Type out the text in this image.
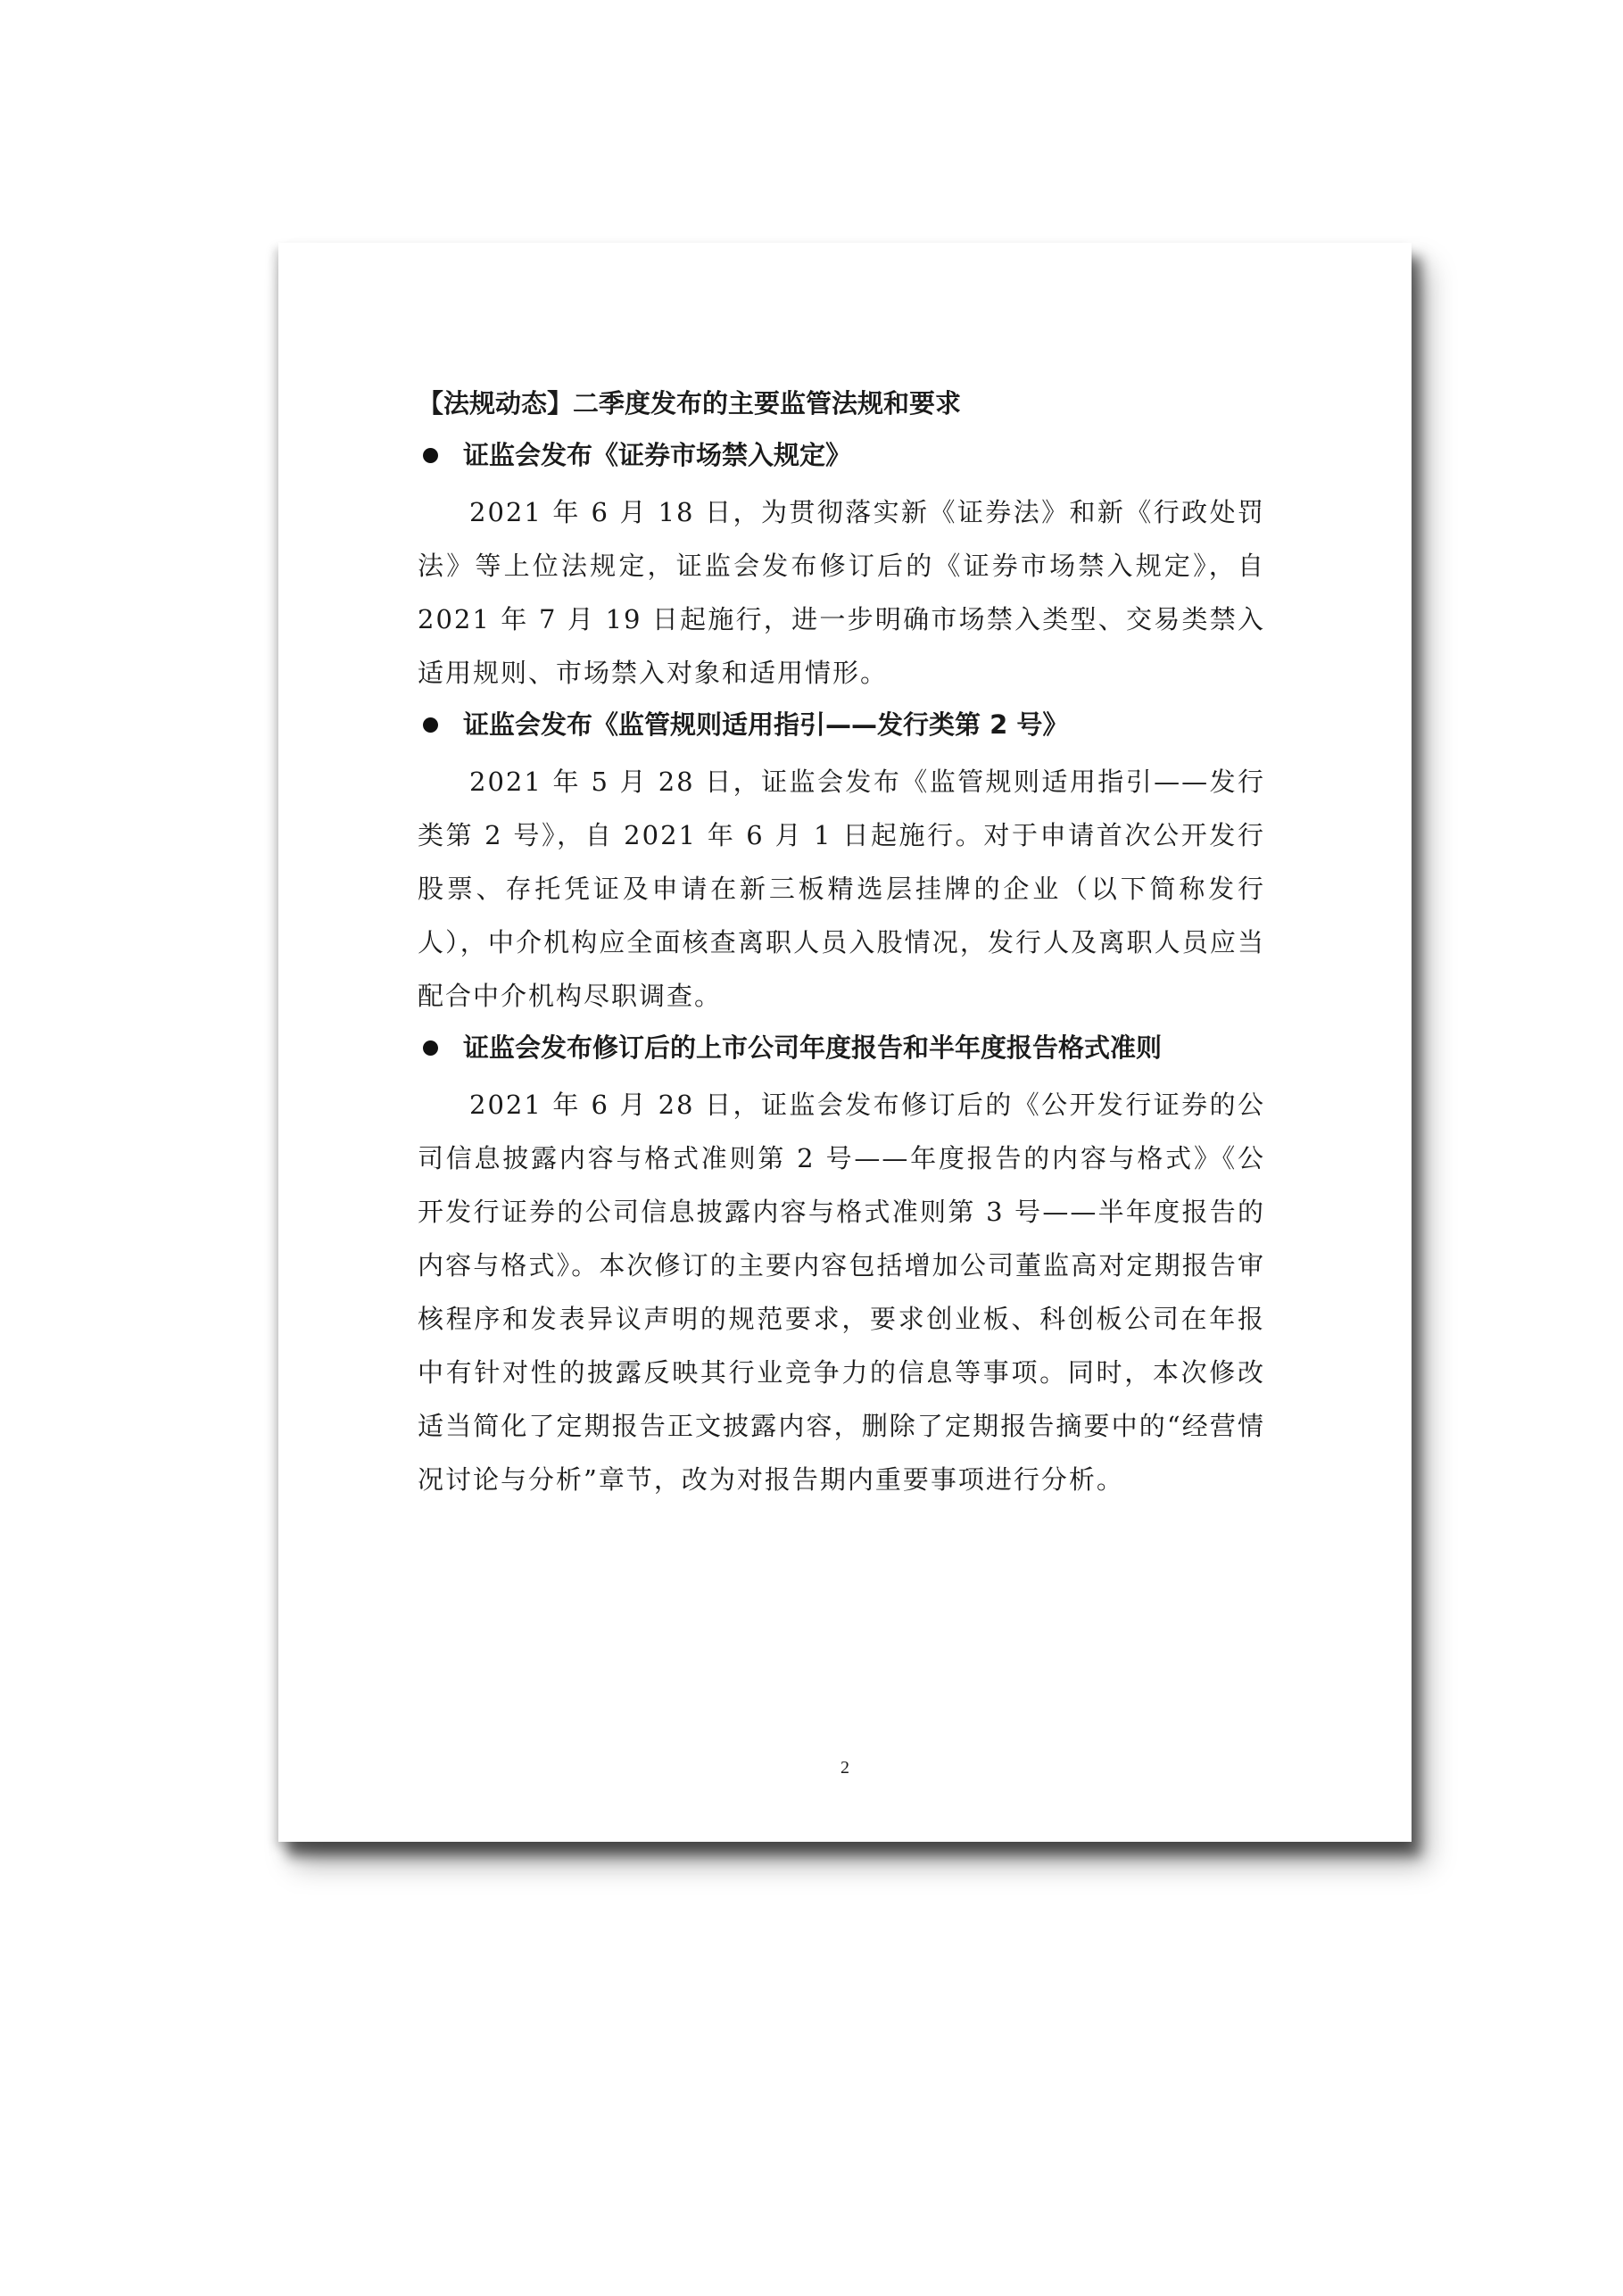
【法规动态】二季度发布的主要监管法规和要求
证监会发布《证券市场禁入规定》

2021 年 6 月 18 日，为贯彻落实新《证券法》和新《行政处罚法》等上位法规定，证监会发布修订后的《证券市场禁入规定》，自 2021 年 7 月 19 日起施行，进一步明确市场禁入类型、交易类禁入适用规则、市场禁入对象和适用情形。

证监会发布《监管规则适用指引——发行类第 2 号》

2021 年 5 月 28 日，证监会发布《监管规则适用指引——发行类第 2 号》，自 2021 年 6 月 1 日起施行。对于申请首次公开发行股票、存托凭证及申请在新三板精选层挂牌的企业（以下简称发行人），中介机构应全面核查离职人员入股情况，发行人及离职人员应当配合中介机构尽职调查。

证监会发布修订后的上市公司年度报告和半年度报告格式准则

2021 年 6 月 28 日，证监会发布修订后的《公开发行证券的公司信息披露内容与格式准则第 2 号——年度报告的内容与格式》《公开发行证券的公司信息披露内容与格式准则第 3 号——半年度报告的内容与格式》。本次修订的主要内容包括增加公司董监高对定期报告审核程序和发表异议声明的规范要求，要求创业板、科创板公司在年报中有针对性的披露反映其行业竞争力的信息等事项。同时，本次修改适当简化了定期报告正文披露内容，删除了定期报告摘要中的“经营情况讨论与分析”章节，改为对报告期内重要事项进行分析。

2
